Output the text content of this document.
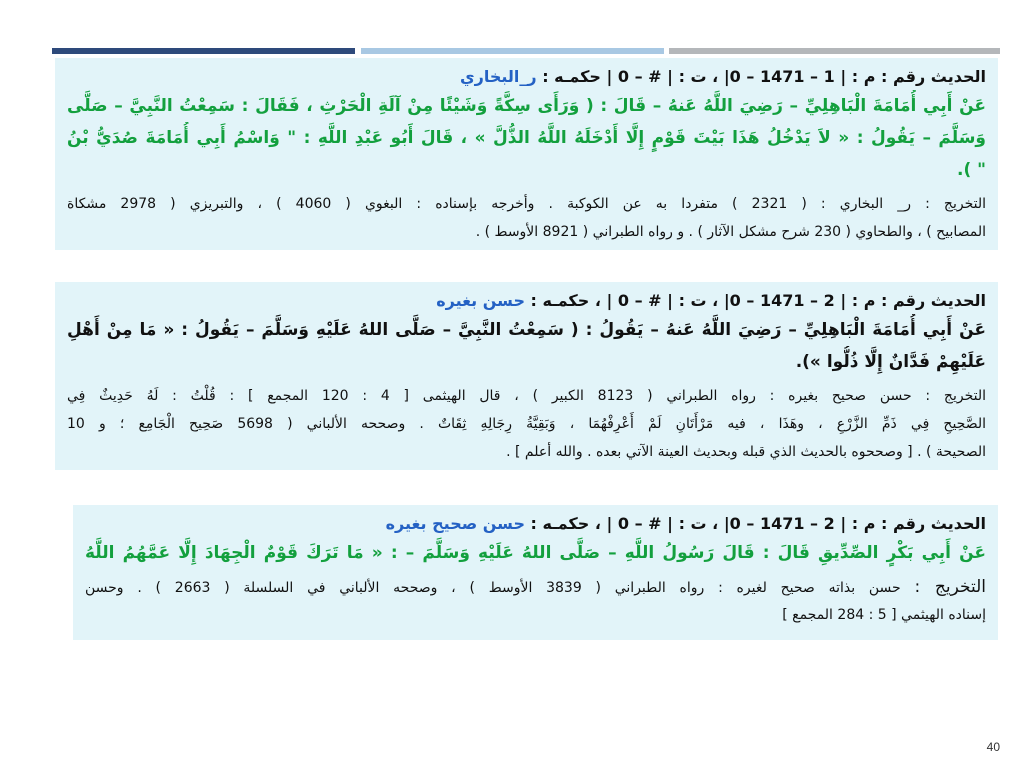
الحديث رقم : م : | 1 – 1471 – 0| ، ت : | # – 0 | حكمـه : ر_البخاري
عَنْ أَبِي أُمَامَةَ الْبَاهِلِيِّ – رَضِيَ اللَّهُ عَنهُ – قَالَ : ( وَرَأَى سِكَّةً وَشَيْئًا مِنْ آلَةِ الْحَرْثِ ، فَقَالَ : سَمِعْتُ النَّبِيَّ – صَلَّى
وَسَلَّمَ – يَقُولُ : « لاَ يَدْخُلُ هَذَا بَيْتَ قَوْمٍ إِلَّا أَدْخَلَهُ اللَّهُ الذُّلَّ » ، قَالَ أَبُو عَبْدِ اللَّهِ : " وَاسْمُ أَبِي أُمَامَةَ صُدَيُّ بْنُ
" ).
التخريج : ر_ البخاري : ( 2321 ) متفردا به عن الكوكبة . وأخرجه بإسناده : البغوي ( 4060 ) ، والتبريزي ( 2978 مشكاة
المصابيح ) ، والطحاوي ( 230 شرح مشكل الآثار ) . و رواه الطبراني ( 8921 الأوسط ) .
الحديث رقم : م : | 2 – 1471 – 0| ، ت : | # – 0 | ، حكمـه : حسن بغيره
عَنْ أَبِي أُمَامَةَ الْبَاهِلِيِّ – رَضِيَ اللَّهُ عَنهُ – يَقُولُ : ( سَمِعْتُ النَّبِيَّ – صَلَّى اللهُ عَلَيْهِ وَسَلَّمَ – يَقُولُ : « مَا مِنْ أَهْلِ
عَلَيْهِمْ فَدَّانٌ إِلَّا ذُلُّوا »).
التخريج : حسن صحيح بغيره : رواه الطبراني ( 8123 الكبير ) ، قال الهيثمى [ 4 : 120 المجمع ] : قُلْتُ : لَهُ حَدِيثٌ فِي
الصَّحِيحِ فِي ذَمِّ الزَّرْعِ ، وهَذَا ، فيه مَرْأَتَانِ لَمْ أَعْرِفْهُمَا ، وَبَقِيَّةُ رِجَالِهِ ثِقَاتٌ . وصححه الألباني ( 5698 صَحِيح الْجَامِع ؛ و 10
الصحيحة ) . [ وصححوه بالحديث الذي قبله وبحديث العينة الآتي بعده . والله أعلم ] .
الحديث رقم : م : | 2 – 1471 – 0| ، ت : | # – 0 | ، حكمـه : حسن صحيح بغيره
عَنْ أَبِي بَكْرٍ الصِّدِّيقِ قَالَ : قَالَ رَسُولُ اللَّهِ – صَلَّى اللهُ عَلَيْهِ وَسَلَّمَ – : « مَا تَرَكَ قَوْمٌ الْجِهَادَ إِلَّا عَمَّهُمُ اللَّهُ
التخريج : حسن بذاته صحيح لغيره : رواه الطبراني ( 3839 الأوسط ) ، وصححه الألباني في السلسلة ( 2663 ) . وحسن
إسناده الهيثمي [ 5 : 284 المجمع ]
40
